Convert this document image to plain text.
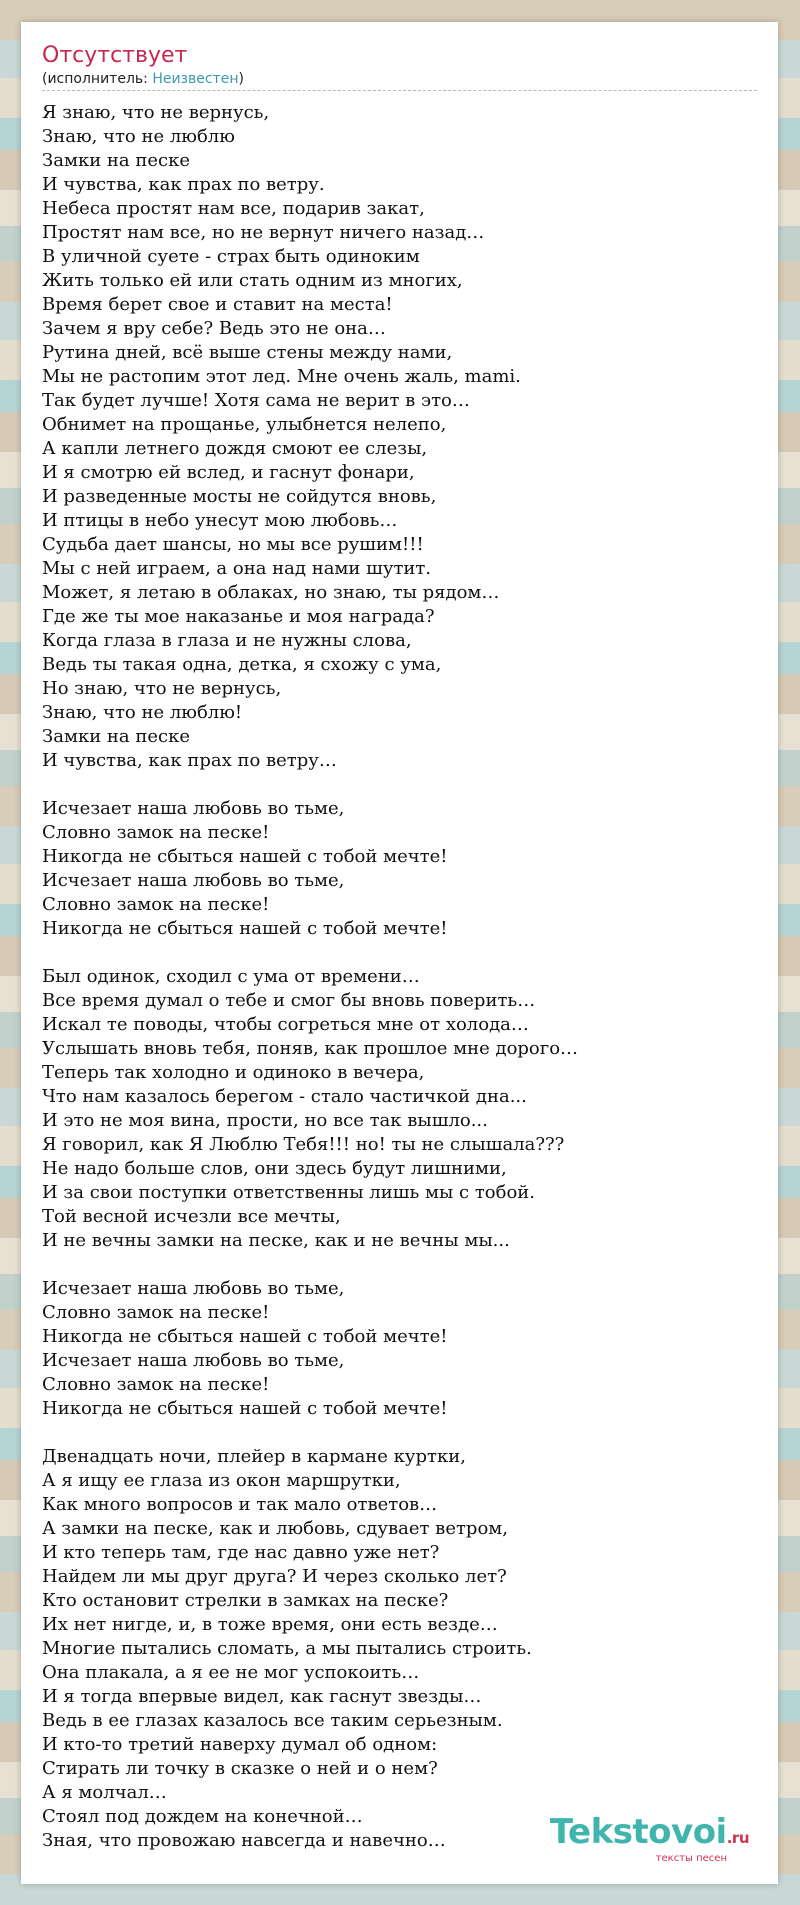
Отсутствует
(исполнитель: Неизвестен)
Я знаю, что не вернусь,
Знаю, что не люблю
Замки на песке
И чувства, как прах по ветру.
Небеса простят нам все, подарив закат,
Простят нам все, но не вернут ничего назад…
В уличной суете - страх быть одиноким
Жить только ей или стать одним из многих,
Время берет свое и ставит на места!
Зачем я вру себе? Ведь это не она…
Рутина дней, всё выше стены между нами,
Мы не растопим этот лед. Мне очень жаль, mami.
Так будет лучше! Хотя сама не верит в это…
Обнимет на прощанье, улыбнется нелепо,
А капли летнего дождя смоют ее слезы,
И я смотрю ей вслед, и гаснут фонари,
И разведенные мосты не сойдутся вновь,
И птицы в небо унесут мою любовь…
Судьба дает шансы, но мы все рушим!!!
Мы с ней играем, а она над нами шутит.
Может, я летаю в облаках, но знаю, ты рядом…
Где же ты мое наказанье и моя награда?
Когда глаза в глаза и не нужны слова,
Ведь ты такая одна, детка, я схожу с ума,
Но знаю, что не вернусь,
Знаю, что не люблю!
Замки на песке
И чувства, как прах по ветру…
Исчезает наша любовь во тьме,
Словно замок на песке!
Никогда не сбыться нашей с тобой мечте!
Исчезает наша любовь во тьме,
Словно замок на песке!
Никогда не сбыться нашей с тобой мечте!
Был одинок, сходил с ума от времени…
Все время думал о тебе и смог бы вновь поверить…
Искал те поводы, чтобы согреться мне от холода…
Услышать вновь тебя, поняв, как прошлое мне дорого…
Теперь так холодно и одиноко в вечера,
Что нам казалось берегом - стало частичкой дна...
И это не моя вина, прости, но все так вышло...
Я говорил, как Я Люблю Тебя!!! но! ты не слышала???
Не надо больше слов, они здесь будут лишними,
И за свои поступки ответственны лишь мы с тобой.
Той весной исчезли все мечты,
И не вечны замки на песке, как и не вечны мы...
Исчезает наша любовь во тьме,
Словно замок на песке!
Никогда не сбыться нашей с тобой мечте!
Исчезает наша любовь во тьме,
Словно замок на песке!
Никогда не сбыться нашей с тобой мечте!
Двенадцать ночи, плейер в кармане куртки,
А я ищу ее глаза из окон маршрутки,
Как много вопросов и так мало ответов…
А замки на песке, как и любовь, сдувает ветром,
И кто теперь там, где нас давно уже нет?
Найдем ли мы друг друга? И через сколько лет?
Кто остановит стрелки в замках на песке?
Их нет нигде, и, в тоже время, они есть везде…
Многие пытались сломать, а мы пытались строить.
Она плакала, а я ее не мог успокоить…
И я тогда впервые видел, как гаснут звезды…
Ведь в ее глазах казалось все таким серьезным.
И кто-то третий наверху думал об одном:
Стирать ли точку в сказке о ней и о нем?
А я молчал…
Стоял под дождем на конечной…
Зная, что провожаю навсегда и навечно…	Tekstovoi.ru
тексты песен
